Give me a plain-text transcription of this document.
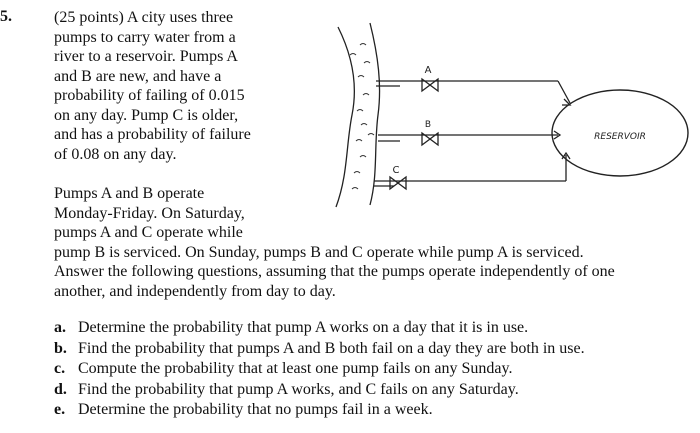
5.	(25 points) A city uses three
pumps to carry water from a
river to a reservoir. Pumps A
and B are new, and have a
probability of failing of 0.015
on any day. Pump C is older,
and has a probability of failure
of 0.08 on any day.
Pumps A and B operate
Monday-Friday. On Saturday,
pumps A and C operate while
pump B is serviced. On Sunday, pumps B and C operate while pump A is serviced.
Answer the following questions, assuming that the pumps operate independently of one
another, and independently from day to day.
a. Determine the probability that pump A works on a day that it is in use.
b. Find the probability that pumps A and B both fail on a day they are both in use.
c. Compute the probability that at least one pump fails on any Sunday.
d. Find the probability that pump A works, and C fails on any Saturday.
e. Determine the probability that no pumps fail in a week.
A
B
C
RESERVOIR
